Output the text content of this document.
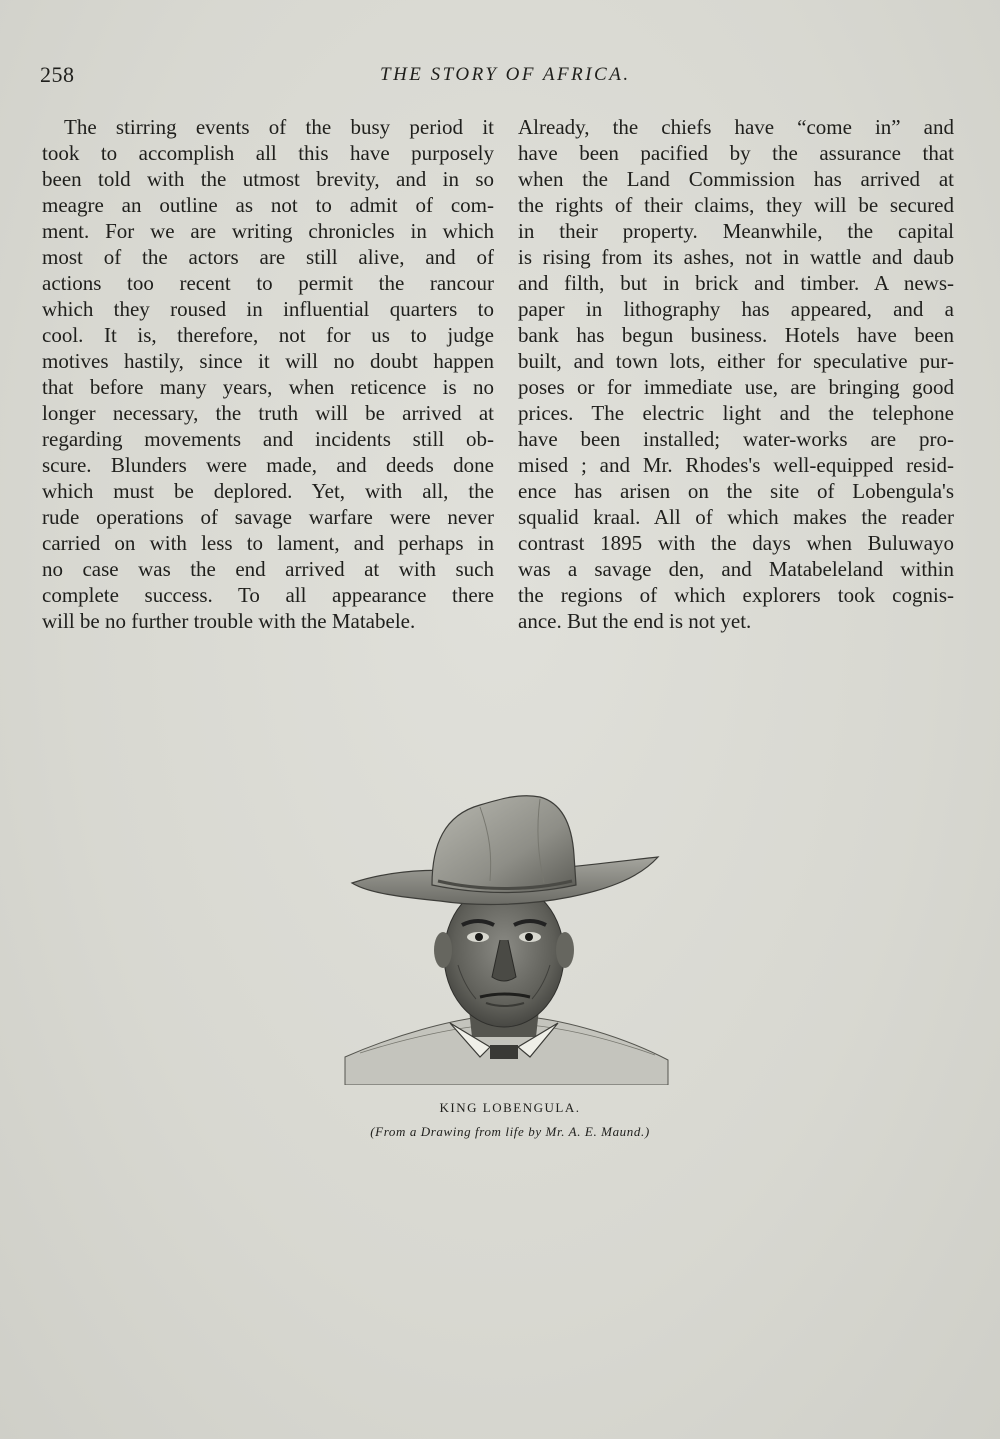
258	THE STORY OF AFRICA.
The stirring events of the busy period it
took to accomplish all this have purposely
been told with the utmost brevity, and in so
meagre an outline as not to admit of com-
ment. For we are writing chronicles in which
most of the actors are still alive, and of
actions too recent to permit the rancour
which they roused in influential quarters to
cool. It is, therefore, not for us to judge
motives hastily, since it will no doubt happen
that before many years, when reticence is no
longer necessary, the truth will be arrived at
regarding movements and incidents still ob-
scure. Blunders were made, and deeds done
which must be deplored. Yet, with all, the
rude operations of savage warfare were never
carried on with less to lament, and perhaps in
no case was the end arrived at with such
complete success. To all appearance there
will be no further trouble with the Matabele.
Already, the chiefs have “come in” and
have been pacified by the assurance that
when the Land Commission has arrived at
the rights of their claims, they will be secured
in their property. Meanwhile, the capital
is rising from its ashes, not in wattle and daub
and filth, but in brick and timber. A news-
paper in lithography has appeared, and a
bank has begun business. Hotels have been
built, and town lots, either for speculative pur-
poses or for immediate use, are bringing good
prices. The electric light and the telephone
have been installed; water-works are pro-
mised ; and Mr. Rhodes's well-equipped resid-
ence has arisen on the site of Lobengula's
squalid kraal. All of which makes the reader
contrast 1895 with the days when Buluwayo
was a savage den, and Matabeleland within
the regions of which explorers took cognis-
ance. But the end is not yet.
KING LOBENGULA.
(From a Drawing from life by Mr. A. E. Maund.)
